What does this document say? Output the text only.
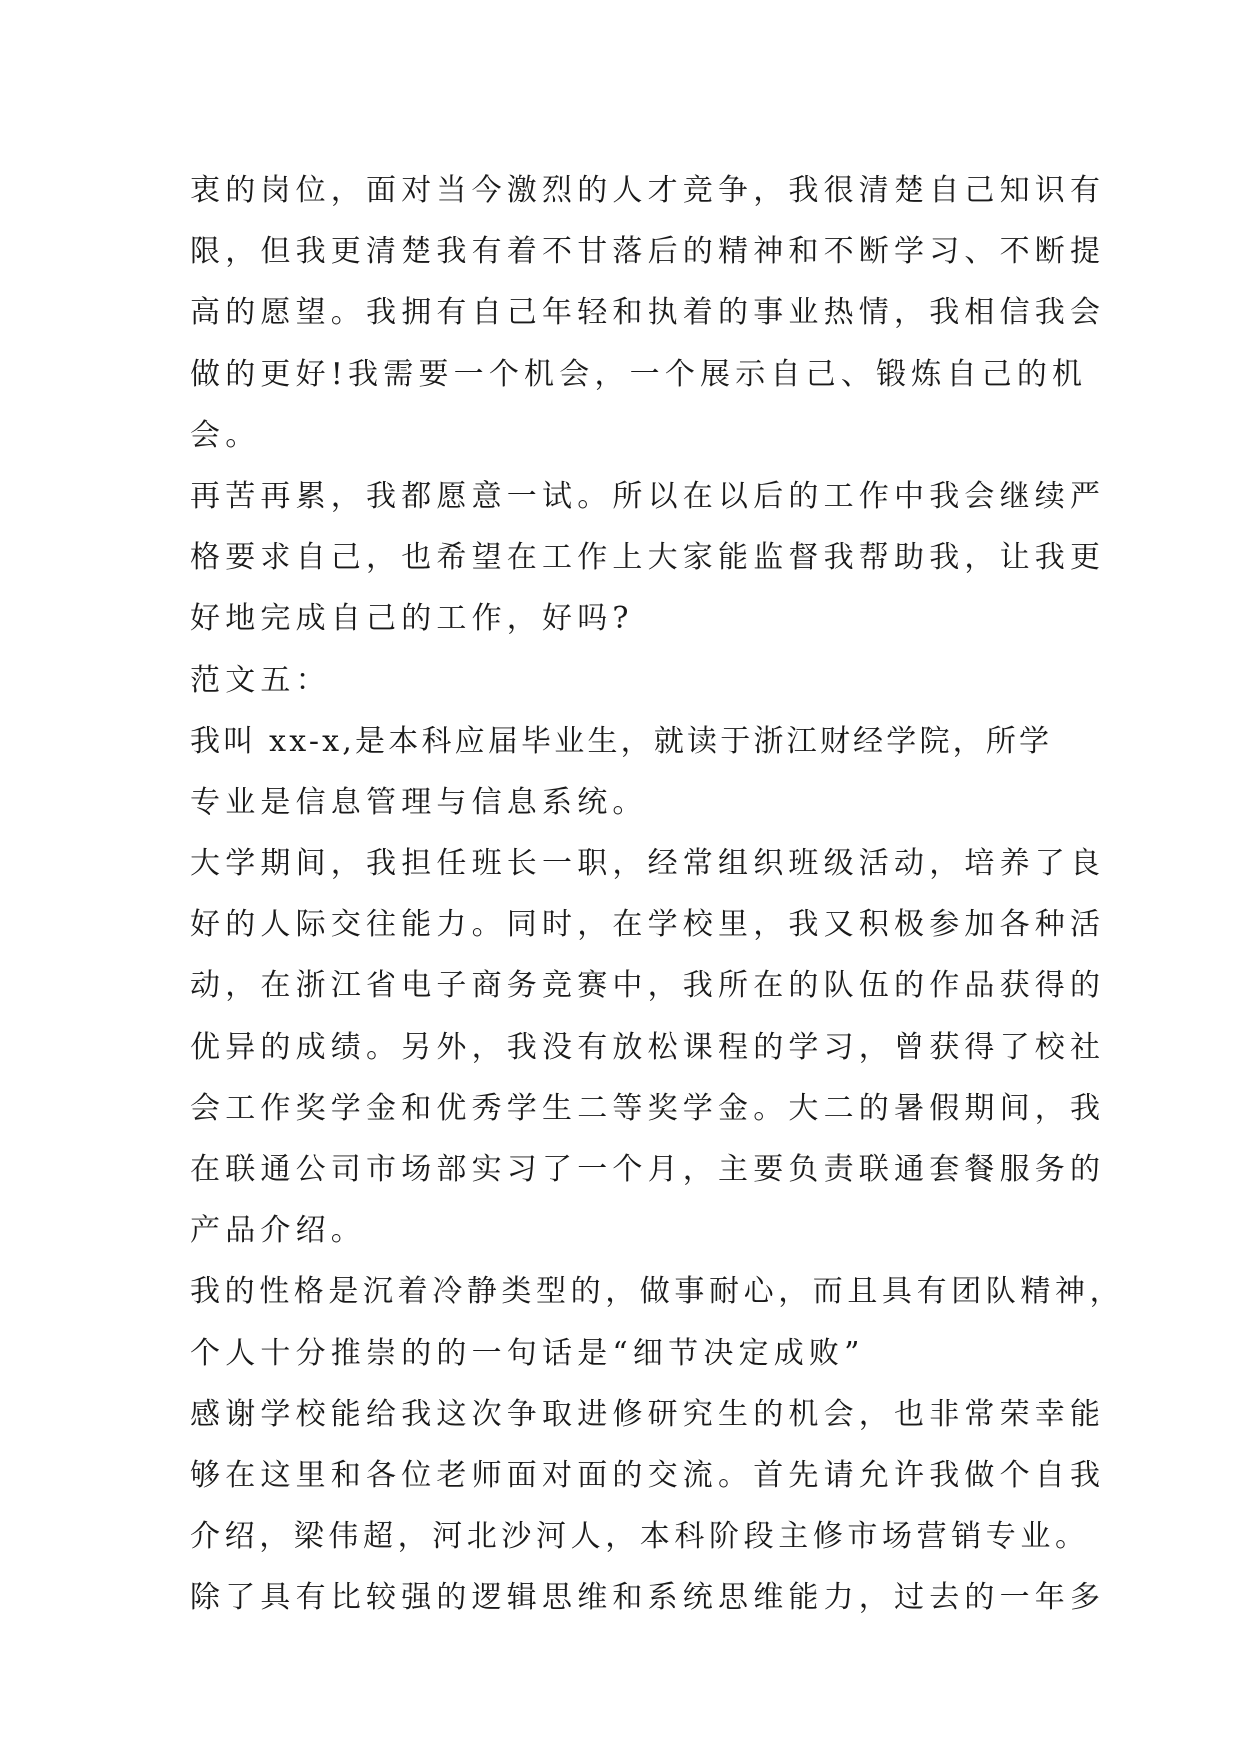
衷的岗位，面对当今激烈的人才竞争，我很清楚自己知识有
限，但我更清楚我有着不甘落后的精神和不断学习、不断提
高的愿望。我拥有自己年轻和执着的事业热情，我相信我会
做的更好!我需要一个机会，一个展示自己、锻炼自己的机
会。
再苦再累，我都愿意一试。所以在以后的工作中我会继续严
格要求自己，也希望在工作上大家能监督我帮助我，让我更
好地完成自己的工作，好吗?
范文五：
我叫 xx-x,是本科应届毕业生，就读于浙江财经学院，所学
专业是信息管理与信息系统。
大学期间，我担任班长一职，经常组织班级活动，培养了良
好的人际交往能力。同时，在学校里，我又积极参加各种活
动，在浙江省电子商务竞赛中，我所在的队伍的作品获得的
优异的成绩。另外，我没有放松课程的学习，曾获得了校社
会工作奖学金和优秀学生二等奖学金。大二的暑假期间，我
在联通公司市场部实习了一个月，主要负责联通套餐服务的
产品介绍。
我的性格是沉着冷静类型的，做事耐心，而且具有团队精神，
个人十分推崇的的一句话是“细节决定成败”
感谢学校能给我这次争取进修研究生的机会，也非常荣幸能
够在这里和各位老师面对面的交流。首先请允许我做个自我
介绍，梁伟超，河北沙河人，本科阶段主修市场营销专业。
除了具有比较强的逻辑思维和系统思维能力，过去的一年多
